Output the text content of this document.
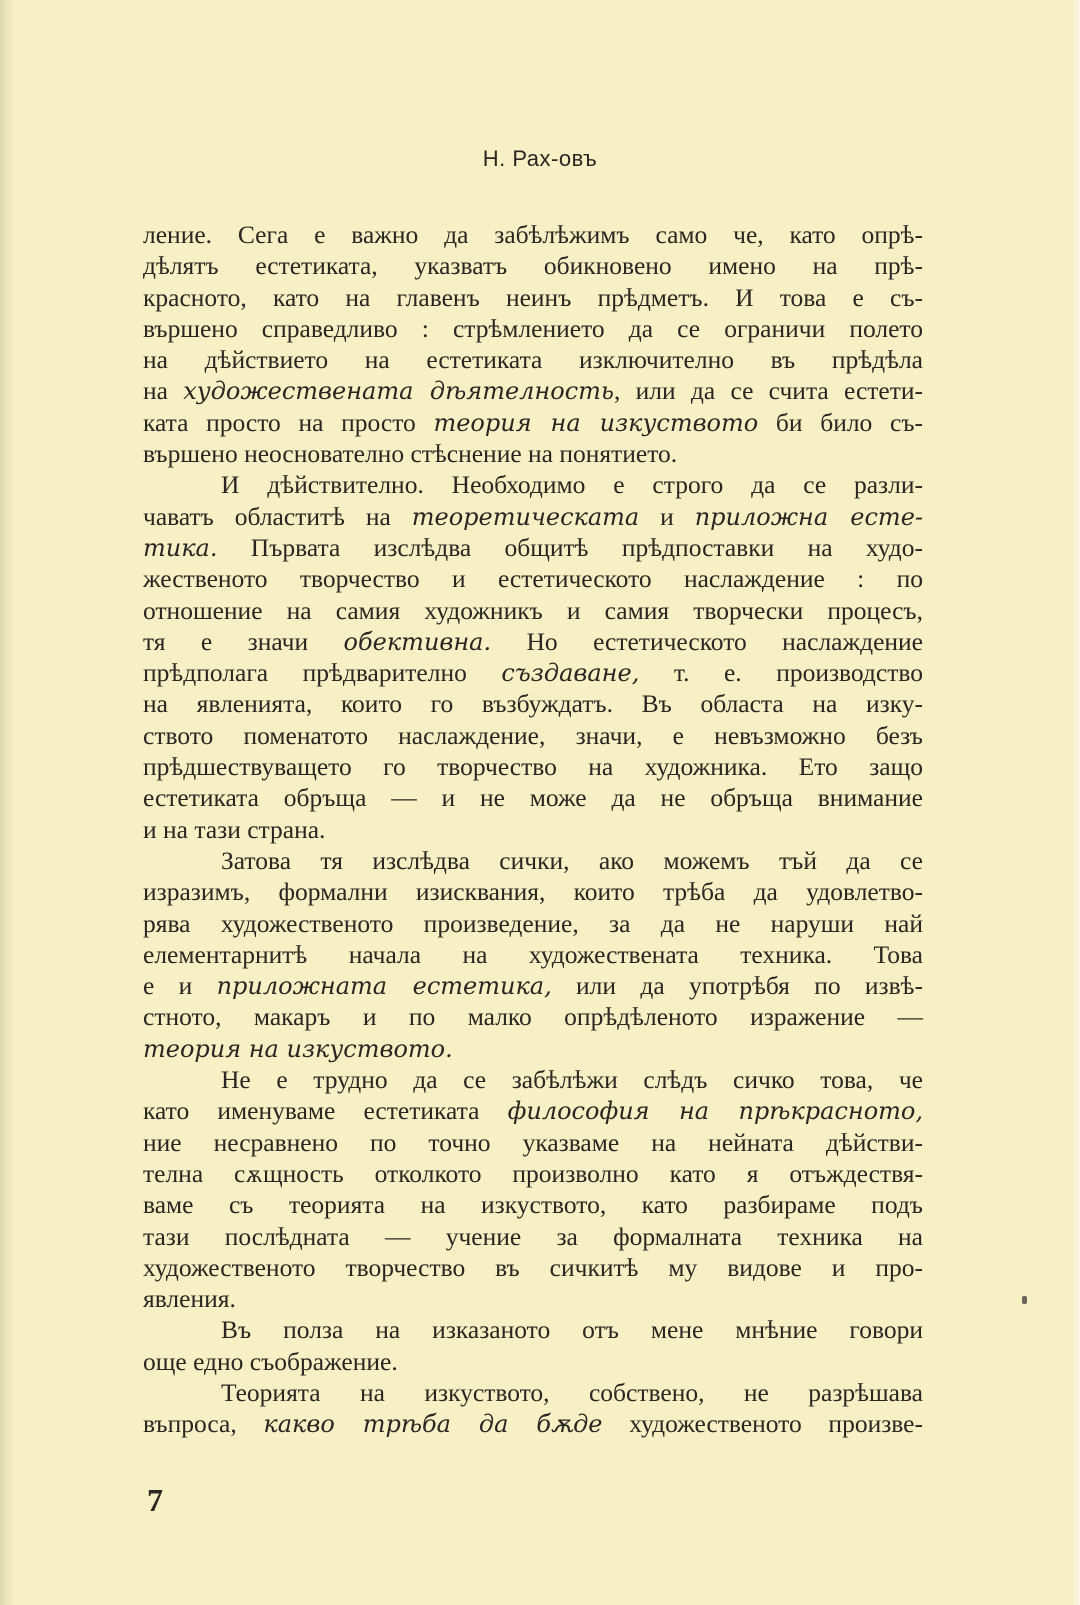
Н. Рах-овъ
ление. Сега е важно да забѣлѣжимъ само че, като опрѣ-
дѣлятъ естетиката, указватъ обикновено имено на прѣ-
красното, като на главенъ неинъ прѣдметъ. И това е съ-
вършено справедливо : стрѣмлението да се ограничи полето
на дѣйствието на естетиката изключително въ прѣдѣла
на художествената дѣятелность, или да се счита естети-
ката просто на просто теория на изкуството би било съ-
вършено неоснователно стѣснение на понятието.
И дѣйствително. Необходимо е строго да се разли-
чаватъ областитѣ на теоретическата и приложна есте-
тика. Първата изслѣдва общитѣ прѣдпоставки на худо-
жественото творчество и естетическото наслаждение : по
отношение на самия художникъ и самия творчески процесъ,
тя е значи обективна. Но естетическото наслаждение
прѣдполага прѣдварително създаване, т. е. производство
на явленията, които го възбуждатъ. Въ областа на изку-
ството поменатото наслаждение, значи, е невъзможно безъ
прѣдшествуващето го творчество на художника. Ето защо
естетиката обръща — и не може да не обръща внимание
и на тази страна.
Затова тя изслѣдва сички, ако можемъ тъй да се
изразимъ, формални изисквания, които трѣба да удовлетво-
рява художественото произведение, за да не наруши най
елементарнитѣ начала на художествената техника. Това
е и приложната естетика, или да употрѣбя по извѣ-
стното, макаръ и по малко опрѣдѣленото изражение —
теория на изкуството.
Не е трудно да се забѣлѣжи слѣдъ сичко това, че
като именуваме естетиката философия на прѣкрасното,
ние несравнено по точно указваме на нейната дѣйстви-
телна сѫщность отколкото произволно като я отъждествя-
ваме съ теорията на изкуството, като разбираме подъ
тази послѣдната — учение за формалната техника на
художественото творчество въ сичкитѣ му видове и про-
явления.
Въ полза на изказаното отъ мене мнѣние говори
още едно съображение.
Теорията на изкуството, собствено, не разрѣшава
въпроса, какво трѣба да бѫде художественото произве-
7
